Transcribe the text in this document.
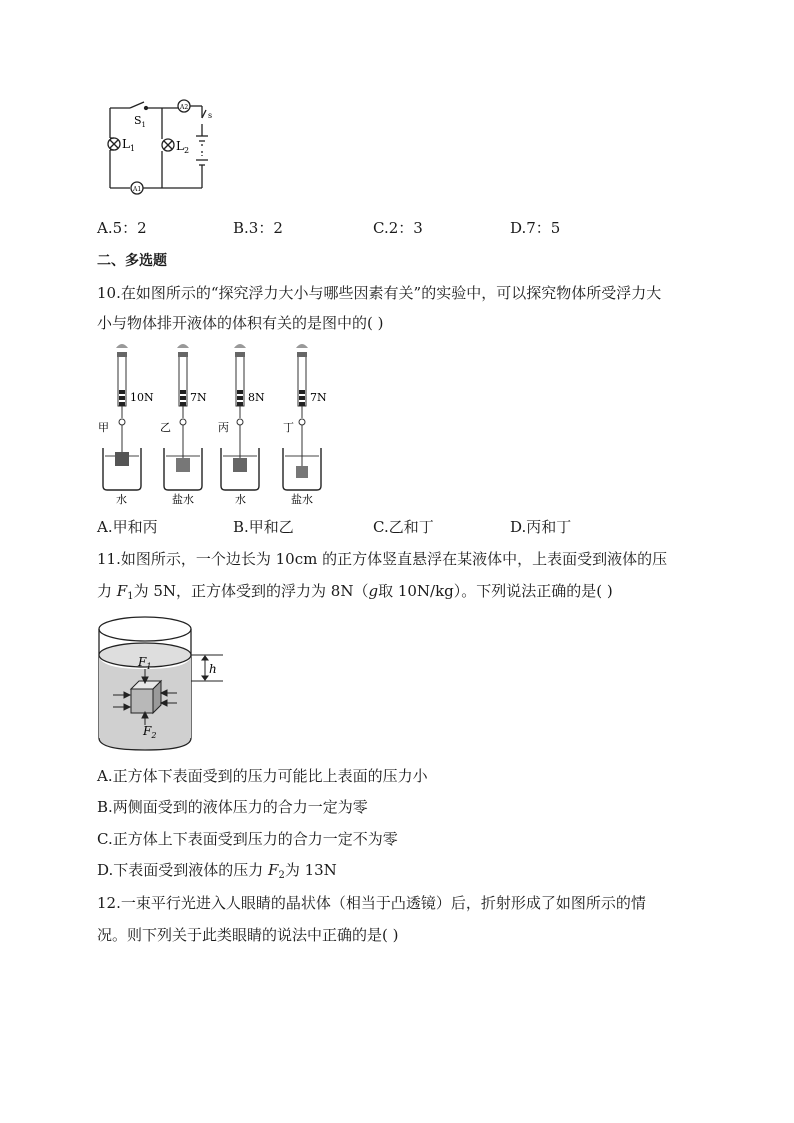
$S_1$
$L_1$	$L_2$
A2
A1
s
A.5：2	B.3：2	C.2：3	D.7：5
二、多选题
10.在如图所示的“探究浮力大小与哪些因素有关”的实验中，可以探究物体所受浮力大
小与物体排开液体的体积有关的是图中的( )
10N	7N	8N	7N
甲	乙	丙	丁
水	盐水	水	盐水
A.甲和丙	B.甲和乙	C.乙和丁	D.丙和丁
11.如图所示，一个边长为 10cm 的正方体竖直悬浮在某液体中，上表面受到液体的压
力 $F_1$为 5N，正方体受到的浮力为 8N（g取 10N/kg）。下列说法正确的是( )
$F_1$
$F_2$
h
A.正方体下表面受到的压力可能比上表面的压力小
B.两侧面受到的液体压力的合力一定为零
C.正方体上下表面受到压力的合力一定不为零
D.下表面受到液体的压力 $F_2$为 13N
12.一束平行光进入人眼睛的晶状体（相当于凸透镜）后，折射形成了如图所示的情
况。则下列关于此类眼睛的说法中正确的是( )
